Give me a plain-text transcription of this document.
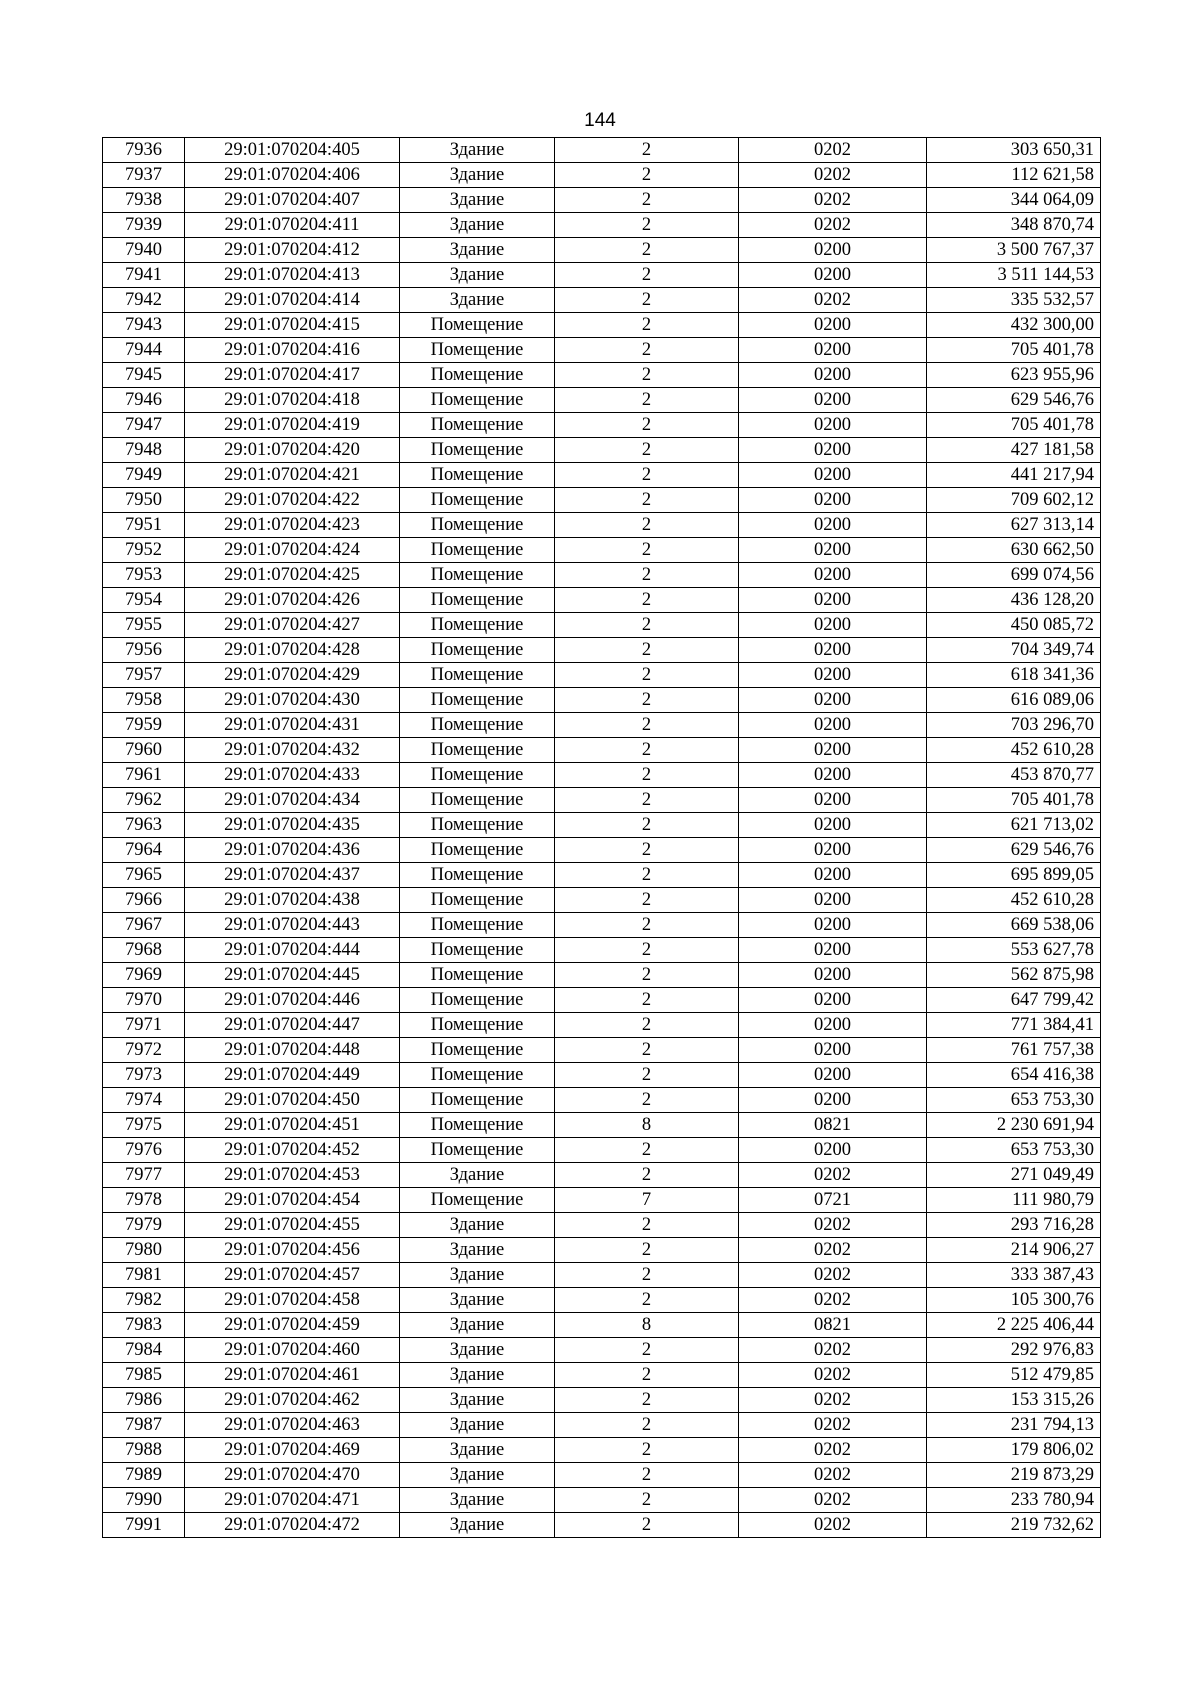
144
7936	29:01:070204:405	Здание	2	0202	303 650,31
7937	29:01:070204:406	Здание	2	0202	112 621,58
7938	29:01:070204:407	Здание	2	0202	344 064,09
7939	29:01:070204:411	Здание	2	0202	348 870,74
7940	29:01:070204:412	Здание	2	0200	3 500 767,37
7941	29:01:070204:413	Здание	2	0200	3 511 144,53
7942	29:01:070204:414	Здание	2	0202	335 532,57
7943	29:01:070204:415	Помещение	2	0200	432 300,00
7944	29:01:070204:416	Помещение	2	0200	705 401,78
7945	29:01:070204:417	Помещение	2	0200	623 955,96
7946	29:01:070204:418	Помещение	2	0200	629 546,76
7947	29:01:070204:419	Помещение	2	0200	705 401,78
7948	29:01:070204:420	Помещение	2	0200	427 181,58
7949	29:01:070204:421	Помещение	2	0200	441 217,94
7950	29:01:070204:422	Помещение	2	0200	709 602,12
7951	29:01:070204:423	Помещение	2	0200	627 313,14
7952	29:01:070204:424	Помещение	2	0200	630 662,50
7953	29:01:070204:425	Помещение	2	0200	699 074,56
7954	29:01:070204:426	Помещение	2	0200	436 128,20
7955	29:01:070204:427	Помещение	2	0200	450 085,72
7956	29:01:070204:428	Помещение	2	0200	704 349,74
7957	29:01:070204:429	Помещение	2	0200	618 341,36
7958	29:01:070204:430	Помещение	2	0200	616 089,06
7959	29:01:070204:431	Помещение	2	0200	703 296,70
7960	29:01:070204:432	Помещение	2	0200	452 610,28
7961	29:01:070204:433	Помещение	2	0200	453 870,77
7962	29:01:070204:434	Помещение	2	0200	705 401,78
7963	29:01:070204:435	Помещение	2	0200	621 713,02
7964	29:01:070204:436	Помещение	2	0200	629 546,76
7965	29:01:070204:437	Помещение	2	0200	695 899,05
7966	29:01:070204:438	Помещение	2	0200	452 610,28
7967	29:01:070204:443	Помещение	2	0200	669 538,06
7968	29:01:070204:444	Помещение	2	0200	553 627,78
7969	29:01:070204:445	Помещение	2	0200	562 875,98
7970	29:01:070204:446	Помещение	2	0200	647 799,42
7971	29:01:070204:447	Помещение	2	0200	771 384,41
7972	29:01:070204:448	Помещение	2	0200	761 757,38
7973	29:01:070204:449	Помещение	2	0200	654 416,38
7974	29:01:070204:450	Помещение	2	0200	653 753,30
7975	29:01:070204:451	Помещение	8	0821	2 230 691,94
7976	29:01:070204:452	Помещение	2	0200	653 753,30
7977	29:01:070204:453	Здание	2	0202	271 049,49
7978	29:01:070204:454	Помещение	7	0721	111 980,79
7979	29:01:070204:455	Здание	2	0202	293 716,28
7980	29:01:070204:456	Здание	2	0202	214 906,27
7981	29:01:070204:457	Здание	2	0202	333 387,43
7982	29:01:070204:458	Здание	2	0202	105 300,76
7983	29:01:070204:459	Здание	8	0821	2 225 406,44
7984	29:01:070204:460	Здание	2	0202	292 976,83
7985	29:01:070204:461	Здание	2	0202	512 479,85
7986	29:01:070204:462	Здание	2	0202	153 315,26
7987	29:01:070204:463	Здание	2	0202	231 794,13
7988	29:01:070204:469	Здание	2	0202	179 806,02
7989	29:01:070204:470	Здание	2	0202	219 873,29
7990	29:01:070204:471	Здание	2	0202	233 780,94
7991	29:01:070204:472	Здание	2	0202	219 732,62
